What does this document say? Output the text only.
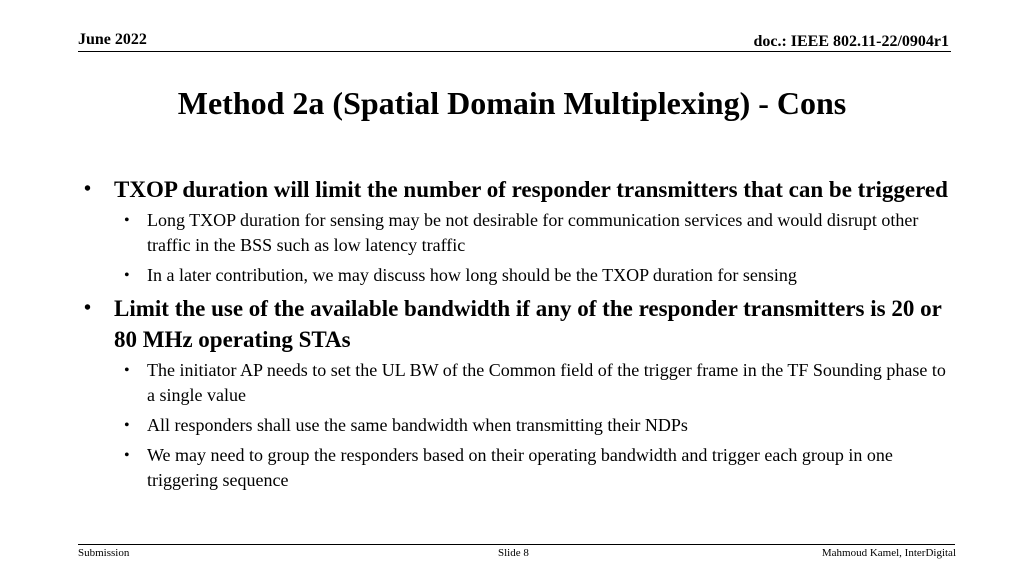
June 2022	doc.: IEEE 802.11-22/0904r1
Method 2a (Spatial Domain Multiplexing) - Cons
• TXOP duration will limit the number of responder transmitters that can be triggered
• Long TXOP duration for sensing may be not desirable for communication services and would disrupt other traffic in the BSS such as low latency traffic
• In a later contribution, we may discuss how long should be the TXOP duration for sensing
• Limit the use of the available bandwidth if any of the responder transmitters is 20 or 80 MHz operating STAs
• The initiator AP needs to set the UL BW of the Common field of the trigger frame in the TF Sounding phase to a single value
• All responders shall use the same bandwidth when transmitting their NDPs
• We may need to group the responders based on their operating bandwidth and trigger each group in one triggering sequence
Submission	Slide 8	Mahmoud Kamel, InterDigital
